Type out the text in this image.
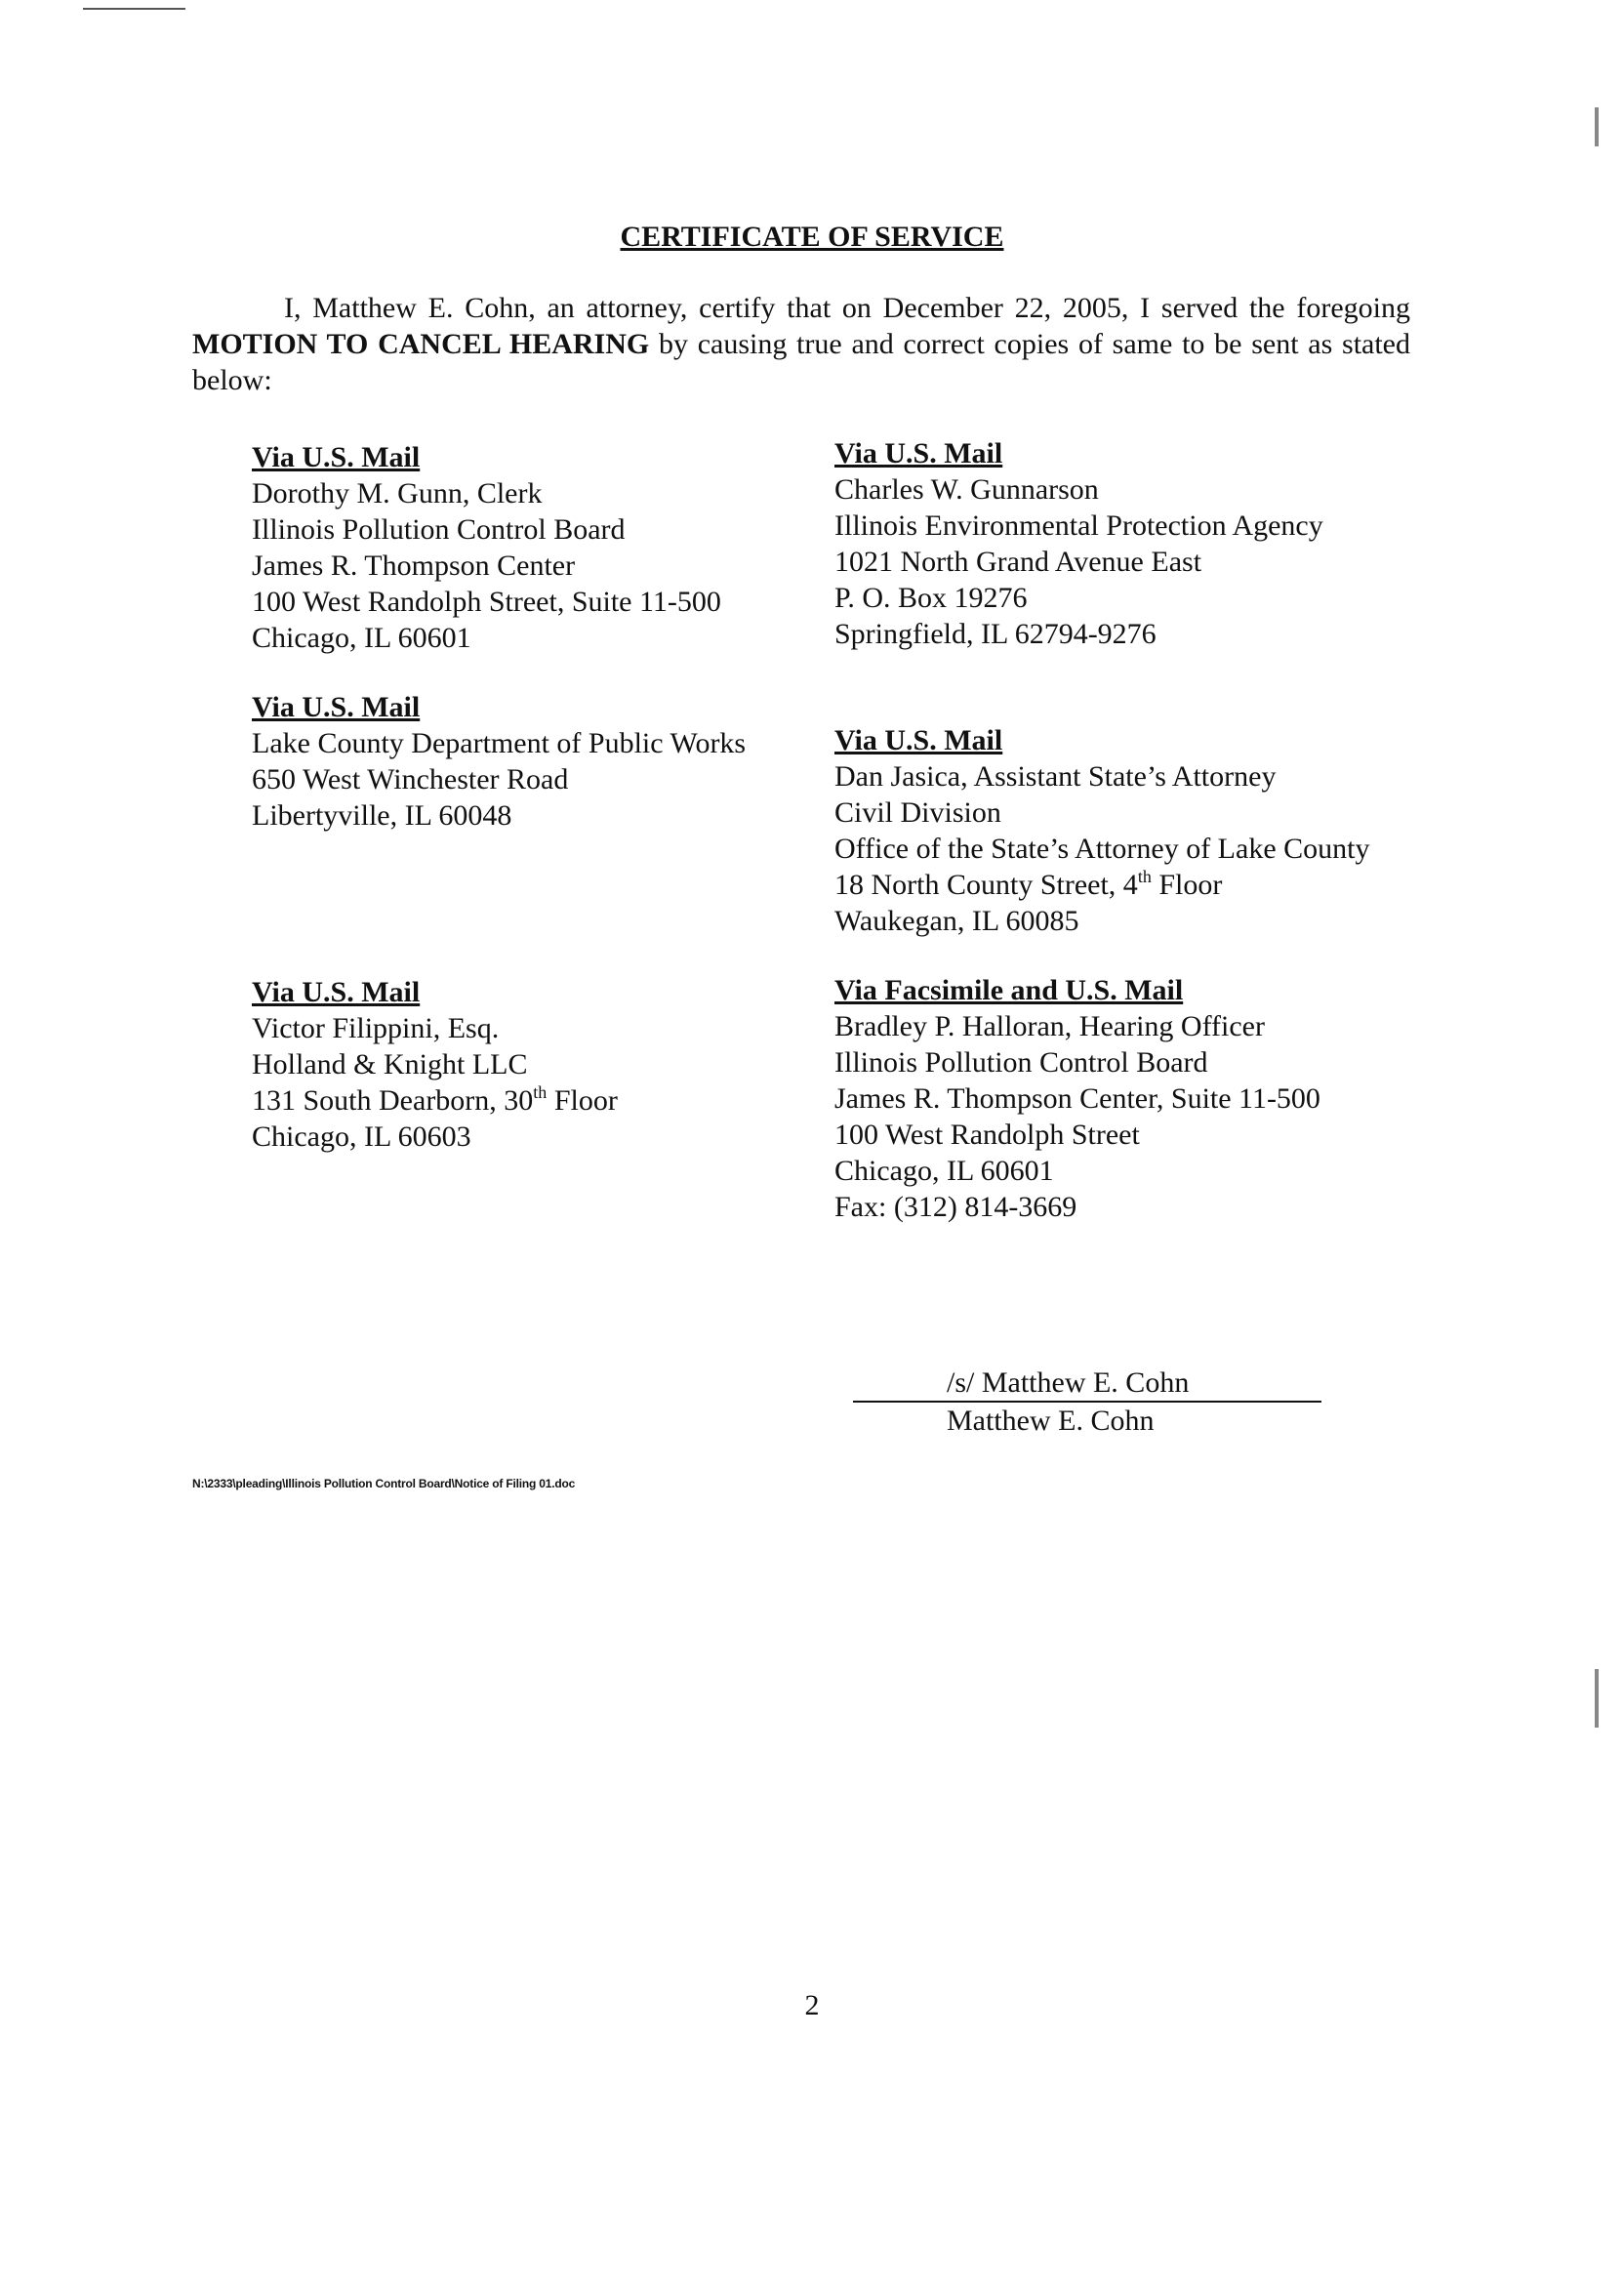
CERTIFICATE OF SERVICE
I, Matthew E. Cohn, an attorney, certify that on December 22, 2005, I served the foregoing MOTION TO CANCEL HEARING by causing true and correct copies of same to be sent as stated below:
Via U.S. Mail
Dorothy M. Gunn, Clerk
Illinois Pollution Control Board
James R. Thompson Center
100 West Randolph Street, Suite 11-500
Chicago, IL 60601
Via U.S. Mail
Charles W. Gunnarson
Illinois Environmental Protection Agency
1021 North Grand Avenue East
P. O. Box 19276
Springfield, IL 62794-9276
Via U.S. Mail
Lake County Department of Public Works
650 West Winchester Road
Libertyville, IL 60048
Via U.S. Mail
Dan Jasica, Assistant State’s Attorney
Civil Division
Office of the State’s Attorney of Lake County
18 North County Street, 4th Floor
Waukegan, IL 60085
Via U.S. Mail
Victor Filippini, Esq.
Holland & Knight LLC
131 South Dearborn, 30th Floor
Chicago, IL 60603
Via Facsimile and U.S. Mail
Bradley P. Halloran, Hearing Officer
Illinois Pollution Control Board
James R. Thompson Center, Suite 11-500
100 West Randolph Street
Chicago, IL 60601
Fax: (312) 814-3669
/s/ Matthew E. Cohn
Matthew E. Cohn
N:\2333\pleading\Illinois Pollution Control Board\Notice of Filing 01.doc
2
